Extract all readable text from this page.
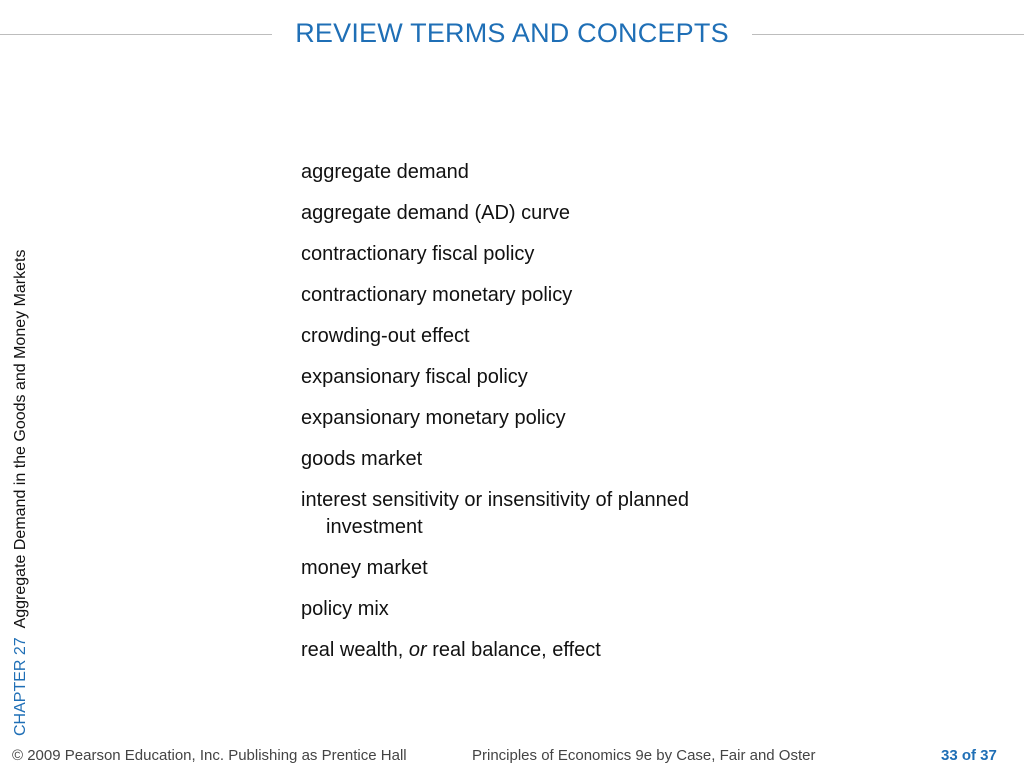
REVIEW TERMS AND CONCEPTS
CHAPTER 27  Aggregate Demand in the Goods and Money Markets
aggregate demand
aggregate demand (AD) curve
contractionary fiscal policy
contractionary monetary policy
crowding-out effect
expansionary fiscal policy
expansionary monetary policy
goods market
interest sensitivity or insensitivity of planned investment
money market
policy mix
real wealth, or real balance, effect
© 2009 Pearson Education, Inc. Publishing as Prentice Hall	Principles of Economics 9e by Case, Fair and Oster	33 of 37
